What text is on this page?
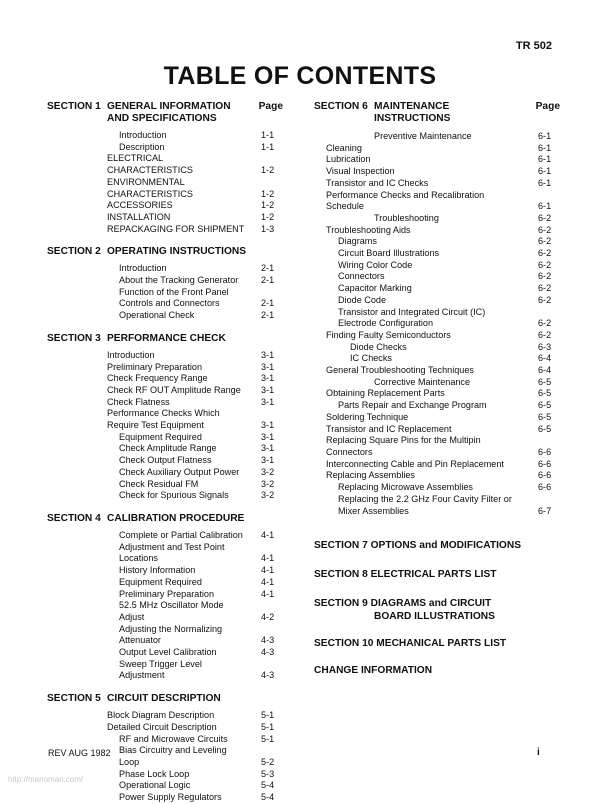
TR 502
TABLE OF CONTENTS
SECTION 1 GENERAL INFORMATION AND SPECIFICATIONS
Page
Introduction	1-1
Description	1-1
ELECTRICAL CHARACTERISTICS	1-2
ENVIRONMENTAL CHARACTERISTICS	1-2
ACCESSORIES	1-2
INSTALLATION	1-2
REPACKAGING FOR SHIPMENT 1-3
SECTION 2 OPERATING INSTRUCTIONS
Introduction	2-1
About the Tracking Generator 2-1
Function of the Front Panel Controls and Connectors	2-1
Operational Check	2-1
SECTION 3 PERFORMANCE CHECK
Introduction	3-1
Preliminary Preparation	3-1
Check Frequency Range	3-1
Check RF OUT Amplitude Range 3-1
Check Flatness	3-1
Performance Checks Which Require Test Equipment	3-1
Equipment Required	3-1
Check Amplitude Range	3-1
Check Output Flatness	3-1
Check Auxiliary Output Power 3-2
Check Residual FM	3-2
Check for Spurious Signals	3-2
SECTION 4 CALIBRATION PROCEDURE
Complete or Partial Calibration 4-1
Adjustment and Test Point Locations	4-1
History Information	4-1
Equipment Required	4-1
Preliminary Preparation	4-1
52.5 MHz Oscillator Mode Adjust	4-2
Adjusting the Normalizing Attenuator	4-3
Output Level Calibration	4-3
Sweep Trigger Level Adjustment	4-3
SECTION 5 CIRCUIT DESCRIPTION
Block Diagram Description	5-1
Detailed Circuit Description	5-1
RF and Microwave Circuits	5-1
Bias Circuitry and Leveling Loop	5-2
Phase Lock Loop	5-3
Operational Logic	5-4
Power Supply Regulators	5-4
SECTION 6 MAINTENANCE INSTRUCTIONS
Page
Preventive Maintenance	6-1
Cleaning	6-1
Lubrication	6-1
Visual Inspection	6-1
Transistor and IC Checks	6-1
Performance Checks and Recalibration Schedule	6-1
Troubleshooting	6-2
Troubleshooting Aids	6-2
Diagrams	6-2
Circuit Board Illustrations	6-2
Wiring Color Code	6-2
Connectors	6-2
Capacitor Marking	6-2
Diode Code	6-2
Transistor and Integrated Circuit (IC) Electrode Configuration	6-2
Finding Faulty Semiconductors	6-2
Diode Checks	6-3
IC Checks	6-4
General Troubleshooting Techniques	6-4
Corrective Maintenance	6-5
Obtaining Replacement Parts	6-5
Parts Repair and Exchange Program	6-5
Soldering Technique	6-5
Transistor and IC Replacement	6-5
Replacing Square Pins for the Multipin Connectors	6-6
Interconnecting Cable and Pin Replacement	6-6
Replacing Assemblies	6-6
Replacing Microwave Assemblies	6-6
Replacing the 2.2 GHz Four Cavity Filter or Mixer Assemblies	6-7
SECTION 7 OPTIONS and MODIFICATIONS
SECTION 8 ELECTRICAL PARTS LIST
SECTION 9 DIAGRAMS and CIRCUIT
BOARD ILLUSTRATIONS
SECTION 10 MECHANICAL PARTS LIST
CHANGE INFORMATION
REV AUG 1982	i
http://manoman.com/
